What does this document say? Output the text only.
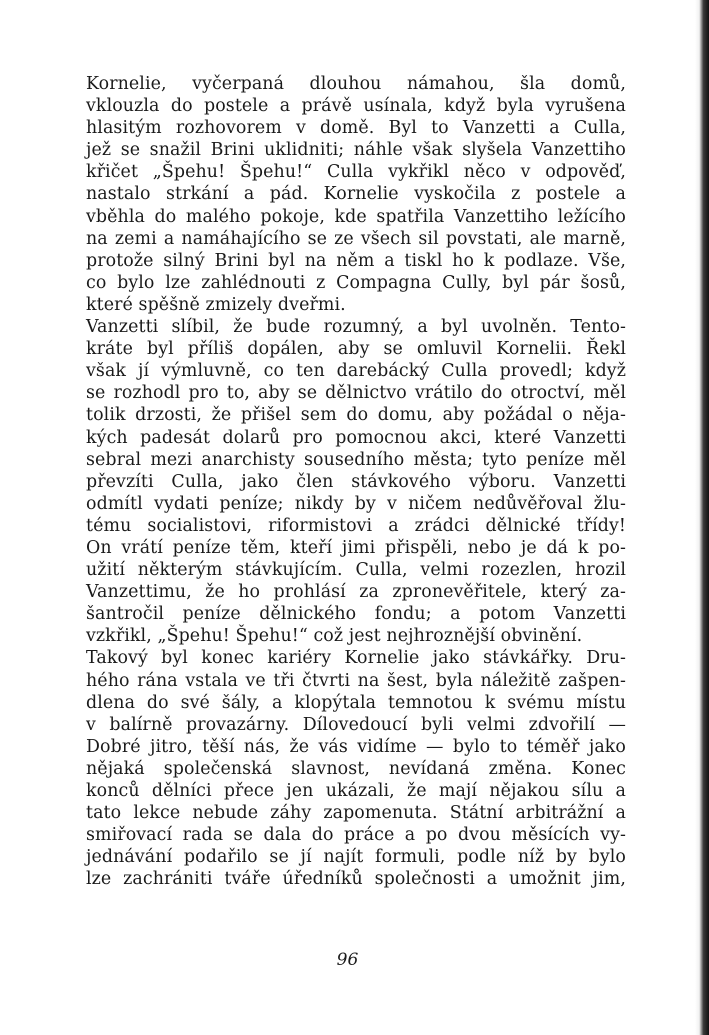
Kornelie, vyčerpaná dlouhou námahou, šla domů,
vklouzla do postele a právě usínala, když byla vyrušena
hlasitým rozhovorem v domě. Byl to Vanzetti a Culla,
jež se snažil Brini uklidniti; náhle však slyšela Vanzettiho
křičet „Špehu! Špehu!“ Culla vykřikl něco v odpověď,
nastalo strkání a pád. Kornelie vyskočila z postele a
vběhla do malého pokoje, kde spatřila Vanzettiho ležícího
na zemi a namáhajícího se ze všech sil povstati, ale marně,
protože silný Brini byl na něm a tiskl ho k podlaze. Vše,
co bylo lze zahlédnouti z Compagna Cully, byl pár šosů,
které spěšně zmizely dveřmi.
Vanzetti slíbil, že bude rozumný, a byl uvolněn. Tento-
kráte byl příliš dopálen, aby se omluvil Kornelii. Řekl
však jí výmluvně, co ten darebácký Culla provedl; když
se rozhodl pro to, aby se dělnictvo vrátilo do otroctví, měl
tolik drzosti, že přišel sem do domu, aby požádal o něja-
kých padesát dolarů pro pomocnou akci, které Vanzetti
sebral mezi anarchisty sousedního města; tyto peníze měl
převzíti Culla, jako člen stávkového výboru. Vanzetti
odmítl vydati peníze; nikdy by v ničem nedůvěřoval žlu-
tému socialistovi, riformistovi a zrádci dělnické třídy!
On vrátí peníze těm, kteří jimi přispěli, nebo je dá k po-
užití některým stávkujícím. Culla, velmi rozezlen, hrozil
Vanzettimu, že ho prohlásí za zpronevěřitele, který za-
šantročil peníze dělnického fondu; a potom Vanzetti
vzkřikl, „Špehu! Špehu!“ což jest nejhroznější obvinění.
Takový byl konec kariéry Kornelie jako stávkářky. Dru-
hého rána vstala ve tři čtvrti na šest, byla náležitě zašpen-
dlena do své šály, a klopýtala temnotou k svému místu
v balírně provazárny. Dílovedoucí byli velmi zdvořilí —
Dobré jitro, těší nás, že vás vidíme — bylo to téměř jako
nějaká společenská slavnost, nevídaná změna. Konec
konců dělníci přece jen ukázali, že mají nějakou sílu a
tato lekce nebude záhy zapomenuta. Státní arbitrážní a
smiřovací rada se dala do práce a po dvou měsících vy-
jednávání podařilo se jí najít formuli, podle níž by bylo
lze zachrániti tváře úředníků společnosti a umožnit jim,
96
